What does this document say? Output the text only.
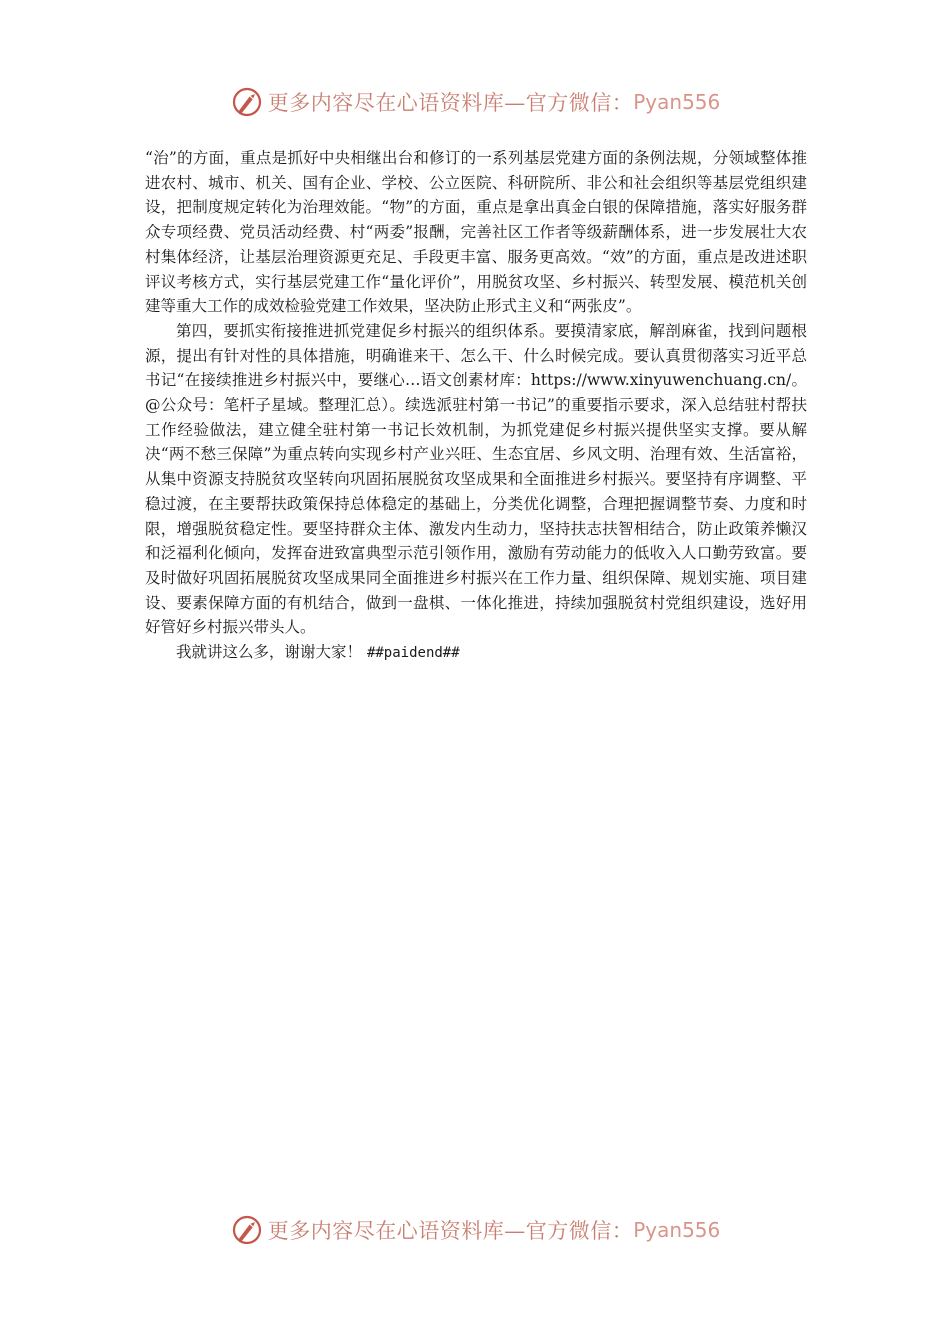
更多内容尽在心语资料库—官方微信： Pyan556

“治”的方面，重点是抓好中央相继出台和修订的一系列基层党建方面的条例法规，分领域整体推进农村、城市、机关、国有企业、学校、公立医院、科研院所、非公和社会组织等基层党组织建设，把制度规定转化为治理效能。“物”的方面，重点是拿出真金白银的保障措施，落实好服务群众专项经费、党员活动经费、村“两委”报酬，完善社区工作者等级薪酬体系，进一步发展壮大农村集体经济，让基层治理资源更充足、手段更丰富、服务更高效。“效”的方面，重点是改进述职评议考核方式，实行基层党建工作“量化评价”，用脱贫攻坚、乡村振兴、转型发展、模范机关创建等重大工作的成效检验党建工作效果，坚决防止形式主义和“两张皮”。

第四，要抓实衔接推进抓党建促乡村振兴的组织体系。要摸清家底，解剖麻雀，找到问题根源，提出有针对性的具体措施，明确谁来干、怎么干、什么时候完成。要认真贯彻落实习近平总书记“在接续推进乡村振兴中，要继心…语文创素材库：https://www.xinyuwenchuang.cn/。@公众号：笔杆子星域。整理汇总）。续选派驻村第一书记”的重要指示要求，深入总结驻村帮扶工作经验做法，建立健全驻村第一书记长效机制，为抓党建促乡村振兴提供坚实支撑。要从解决“两不愁三保障”为重点转向实现乡村产业兴旺、生态宜居、乡风文明、治理有效、生活富裕，从集中资源支持脱贫攻坚转向巩固拓展脱贫攻坚成果和全面推进乡村振兴。要坚持有序调整、平稳过渡，在主要帮扶政策保持总体稳定的基础上，分类优化调整，合理把握调整节奏、力度和时限，增强脱贫稳定性。要坚持群众主体、激发内生动力，坚持扶志扶智相结合，防止政策养懒汉和泛福利化倾向，发挥奋进致富典型示范引领作用，激励有劳动能力的低收入人口勤劳致富。要及时做好巩固拓展脱贫攻坚成果同全面推进乡村振兴在工作力量、组织保障、规划实施、项目建设、要素保障方面的有机结合，做到一盘棋、一体化推进，持续加强脱贫村党组织建设，选好用好管好乡村振兴带头人。

我就讲这么多，谢谢大家！ ##paidend##

更多内容尽在心语资料库—官方微信： Pyan556
